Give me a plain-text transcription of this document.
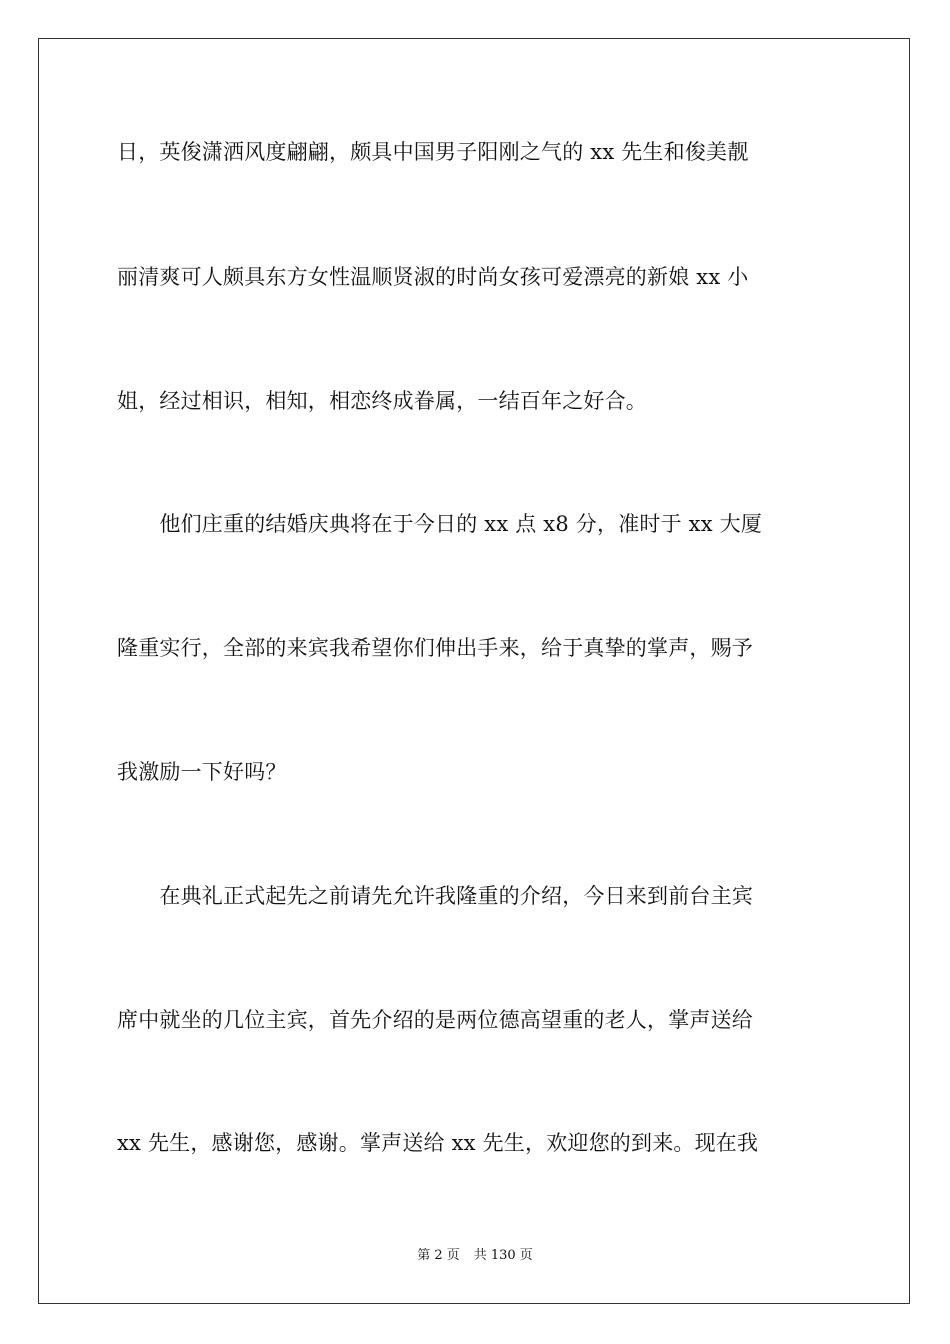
日，英俊潇洒风度翩翩，颇具中国男子阳刚之气的 xx 先生和俊美靓
丽清爽可人颇具东方女性温顺贤淑的时尚女孩可爱漂亮的新娘 xx 小
姐，经过相识，相知，相恋终成眷属，一结百年之好合。
　　他们庄重的结婚庆典将在于今日的 xx 点 x8 分，准时于 xx 大厦
隆重实行，全部的来宾我希望你们伸出手来，给于真挚的掌声，赐予
我激励一下好吗？
　　在典礼正式起先之前请先允许我隆重的介绍，今日来到前台主宾
席中就坐的几位主宾，首先介绍的是两位德高望重的老人，掌声送给
xx 先生，感谢您，感谢。掌声送给 xx 先生，欢迎您的到来。现在我
第 2 页 共 130 页
